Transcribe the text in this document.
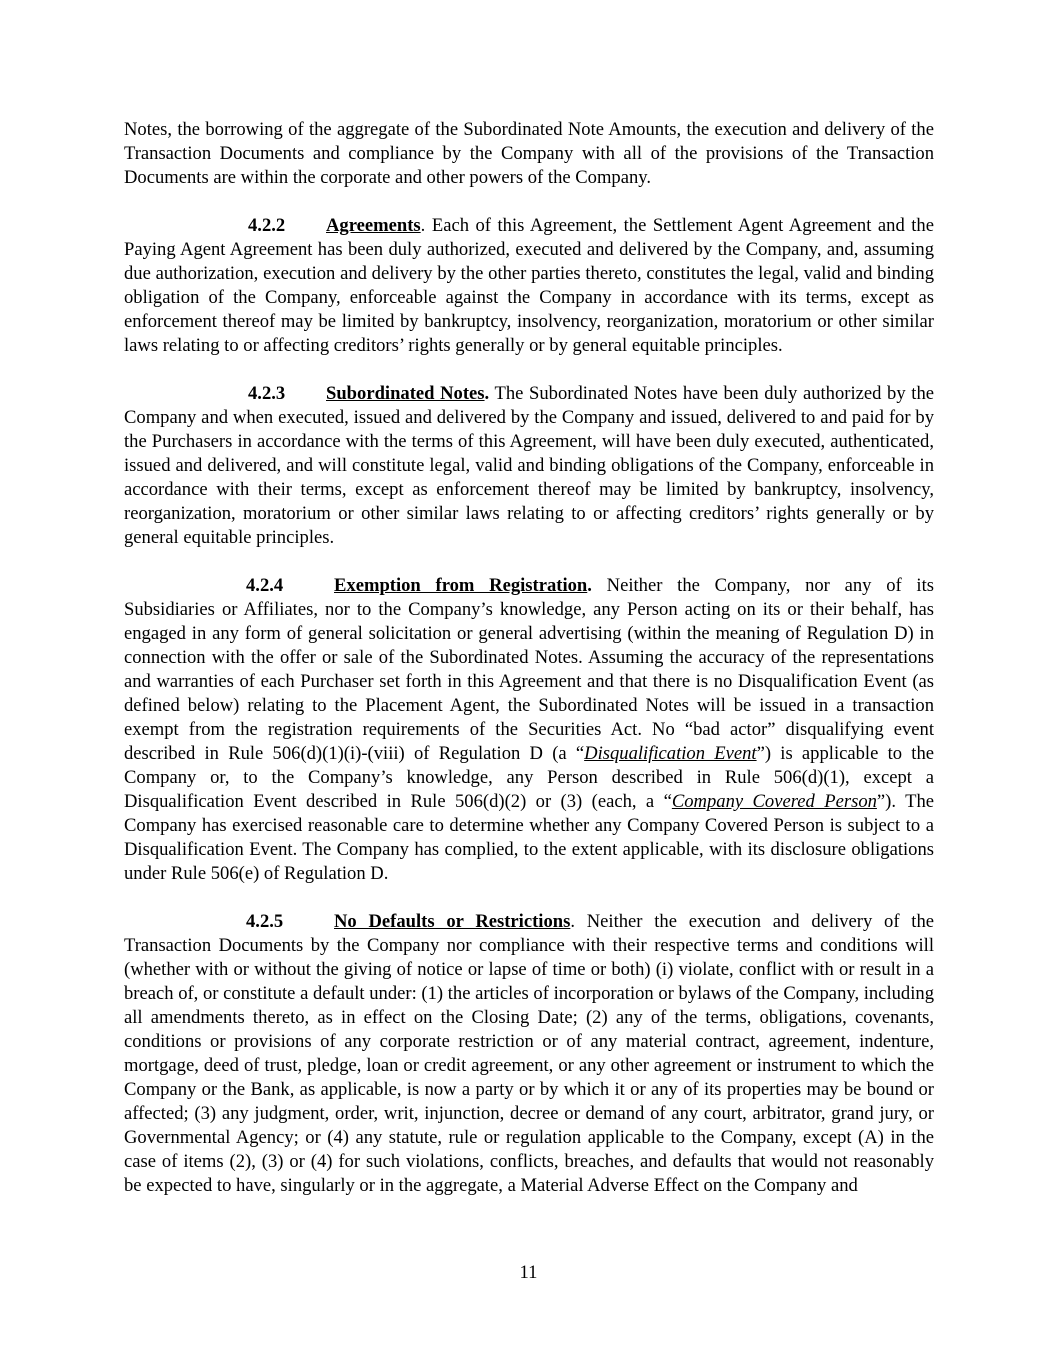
Notes, the borrowing of the aggregate of the Subordinated Note Amounts, the execution and delivery of the Transaction Documents and compliance by the Company with all of the provisions of the Transaction Documents are within the corporate and other powers of the Company.

4.2.2 Agreements. Each of this Agreement, the Settlement Agent Agreement and the Paying Agent Agreement has been duly authorized, executed and delivered by the Company, and, assuming due authorization, execution and delivery by the other parties thereto, constitutes the legal, valid and binding obligation of the Company, enforceable against the Company in accordance with its terms, except as enforcement thereof may be limited by bankruptcy, insolvency, reorganization, moratorium or other similar laws relating to or affecting creditors’ rights generally or by general equitable principles.

4.2.3 Subordinated Notes. The Subordinated Notes have been duly authorized by the Company and when executed, issued and delivered by the Company and issued, delivered to and paid for by the Purchasers in accordance with the terms of this Agreement, will have been duly executed, authenticated, issued and delivered, and will constitute legal, valid and binding obligations of the Company, enforceable in accordance with their terms, except as enforcement thereof may be limited by bankruptcy, insolvency, reorganization, moratorium or other similar laws relating to or affecting creditors’ rights generally or by general equitable principles.

4.2.4	Exemption from Registration. Neither the Company, nor any of its Subsidiaries or Affiliates, nor to the Company’s knowledge, any Person acting on its or their behalf, has engaged in any form of general solicitation or general advertising (within the meaning of Regulation D) in connection with the offer or sale of the Subordinated Notes. Assuming the accuracy of the representations and warranties of each Purchaser set forth in this Agreement and that there is no Disqualification Event (as defined below) relating to the Placement Agent, the Subordinated Notes will be issued in a transaction exempt from the registration requirements of the Securities Act. No “bad actor” disqualifying event described in Rule 506(d)(1)(i)-(viii) of Regulation D (a “Disqualification Event”) is applicable to the Company or, to the Company’s knowledge, any Person described in Rule 506(d)(1), except a Disqualification Event described in Rule 506(d)(2) or (3) (each, a “Company Covered Person”). The Company has exercised reasonable care to determine whether any Company Covered Person is subject to a Disqualification Event. The Company has complied, to the extent applicable, with its disclosure obligations under Rule 506(e) of Regulation D.

4.2.5	No Defaults or Restrictions. Neither the execution and delivery of the Transaction Documents by the Company nor compliance with their respective terms and conditions will (whether with or without the giving of notice or lapse of time or both) (i) violate, conflict with or result in a breach of, or constitute a default under: (1) the articles of incorporation or bylaws of the Company, including all amendments thereto, as in effect on the Closing Date; (2) any of the terms, obligations, covenants, conditions or provisions of any corporate restriction or of any material contract, agreement, indenture, mortgage, deed of trust, pledge, loan or credit agreement, or any other agreement or instrument to which the Company or the Bank, as applicable, is now a party or by which it or any of its properties may be bound or affected; (3) any judgment, order, writ, injunction, decree or demand of any court, arbitrator, grand jury, or Governmental Agency; or (4) any statute, rule or regulation applicable to the Company, except (A) in the case of items (2), (3) or (4) for such violations, conflicts, breaches, and defaults that would not reasonably be expected to have, singularly or in the aggregate, a Material Adverse Effect on the Company and

11
